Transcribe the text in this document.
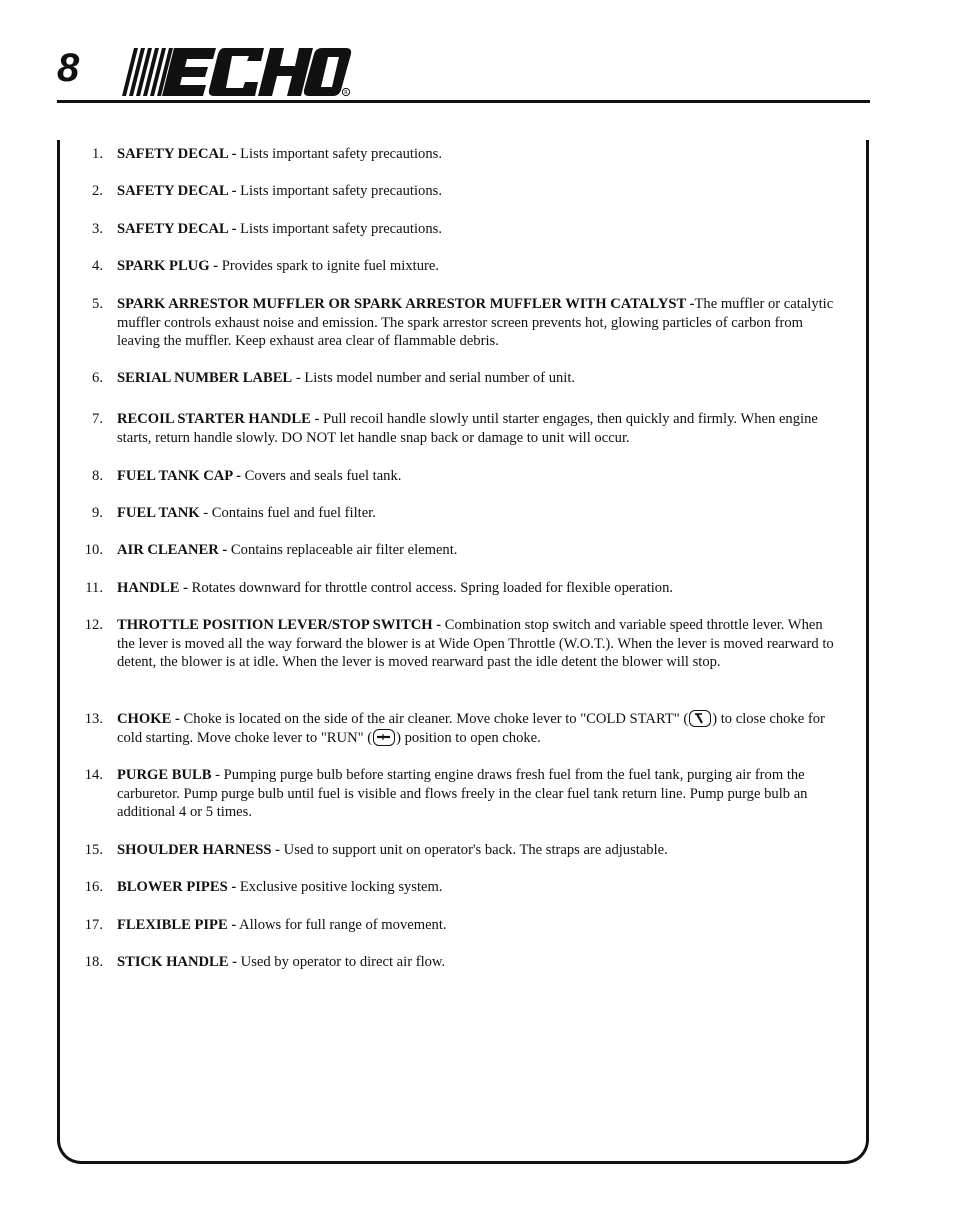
8
R
1. SAFETY DECAL - Lists important safety precautions.
2. SAFETY DECAL - Lists important safety precautions.
3. SAFETY DECAL - Lists important safety precautions.
4. SPARK PLUG - Provides spark to ignite fuel mixture.
5. SPARK ARRESTOR MUFFLER OR SPARK ARRESTOR MUFFLER WITH CATALYST -The muffler or catalytic muffler controls exhaust noise and emission. The spark arrestor screen prevents hot, glowing particles of carbon from leaving the muffler. Keep exhaust area clear of flammable debris.
6. SERIAL NUMBER LABEL - Lists model number and serial number of unit.
7. RECOIL STARTER HANDLE - Pull recoil handle slowly until starter engages, then quickly and firmly. When engine starts, return handle slowly. DO NOT let handle snap back or damage to unit will occur.
8. FUEL TANK CAP - Covers and seals fuel tank.
9. FUEL TANK - Contains fuel and fuel filter.
10. AIR CLEANER - Contains replaceable air filter element.
11. HANDLE - Rotates downward for throttle control access. Spring loaded for flexible operation.
12. THROTTLE POSITION LEVER/STOP SWITCH - Combination stop switch and variable speed throttle lever. When the lever is moved all the way forward the blower is at Wide Open Throttle (W.O.T.). When the lever is moved rearward to detent, the blower is at idle. When the lever is moved rearward past the idle detent the blower will stop.
13. CHOKE - Choke is located on the side of the air cleaner. Move choke lever to "COLD START" ( ) to close choke for cold starting. Move choke lever to "RUN" ( ) position to open choke.
14. PURGE BULB - Pumping purge bulb before starting engine draws fresh fuel from the fuel tank, purging air from the carburetor. Pump purge bulb until fuel is visible and flows freely in the clear fuel tank return line. Pump purge bulb an additional 4 or 5 times.
15. SHOULDER HARNESS - Used to support unit on operator's back. The straps are adjustable.
16. BLOWER PIPES - Exclusive positive locking system.
17. FLEXIBLE PIPE - Allows for full range of movement.
18. STICK HANDLE - Used by operator to direct air flow.
